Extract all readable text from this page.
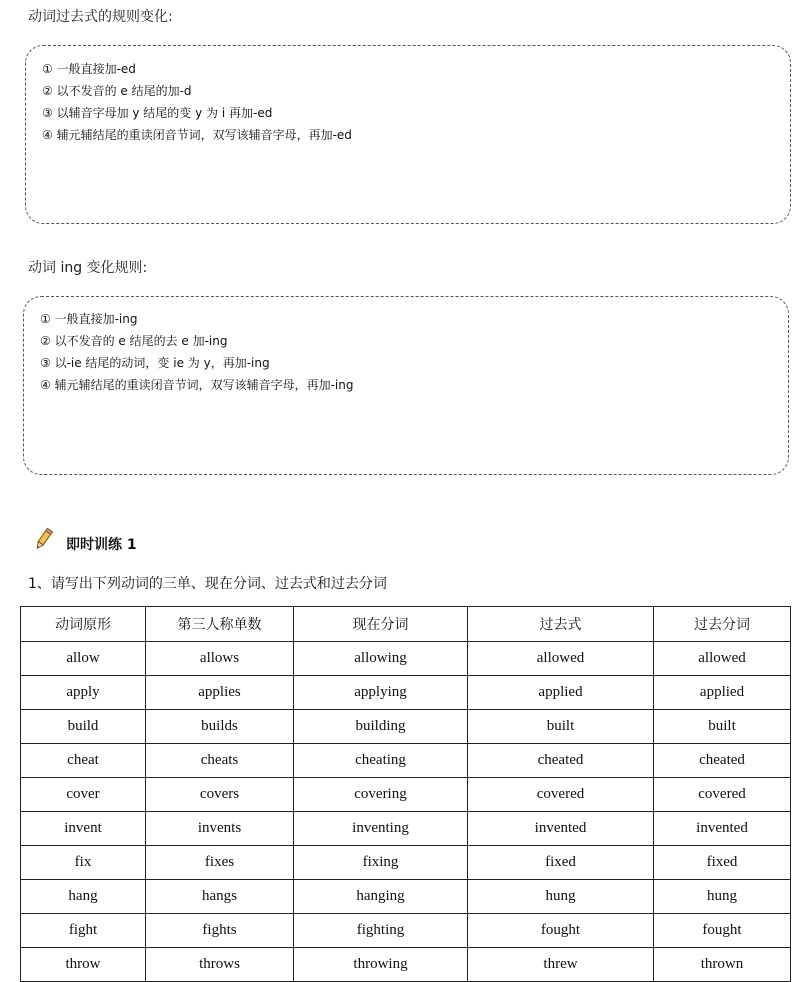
动词过去式的规则变化:
① 一般直接加-ed
② 以不发音的 e 结尾的加-d
③ 以辅音字母加 y 结尾的变 y 为 i 再加-ed
④ 辅元辅结尾的重读闭音节词，双写该辅音字母，再加-ed
动词 ing 变化规则:
① 一般直接加-ing
② 以不发音的 e 结尾的去 e 加-ing
③ 以-ie 结尾的动词，变 ie 为 y，再加-ing
④ 辅元辅结尾的重读闭音节词，双写该辅音字母，再加-ing
即时训练 1
1、请写出下列动词的三单、现在分词、过去式和过去分词
动词原形	第三人称单数	现在分词	过去式	过去分词
allow	allows	allowing	allowed	allowed
apply	applies	applying	applied	applied
build	builds	building	built	built
cheat	cheats	cheating	cheated	cheated
cover	covers	covering	covered	covered
invent	invents	inventing	invented	invented
fix	fixes	fixing	fixed	fixed
hang	hangs	hanging	hung	hung
fight	fights	fighting	fought	fought
throw	throws	throwing	threw	thrown
